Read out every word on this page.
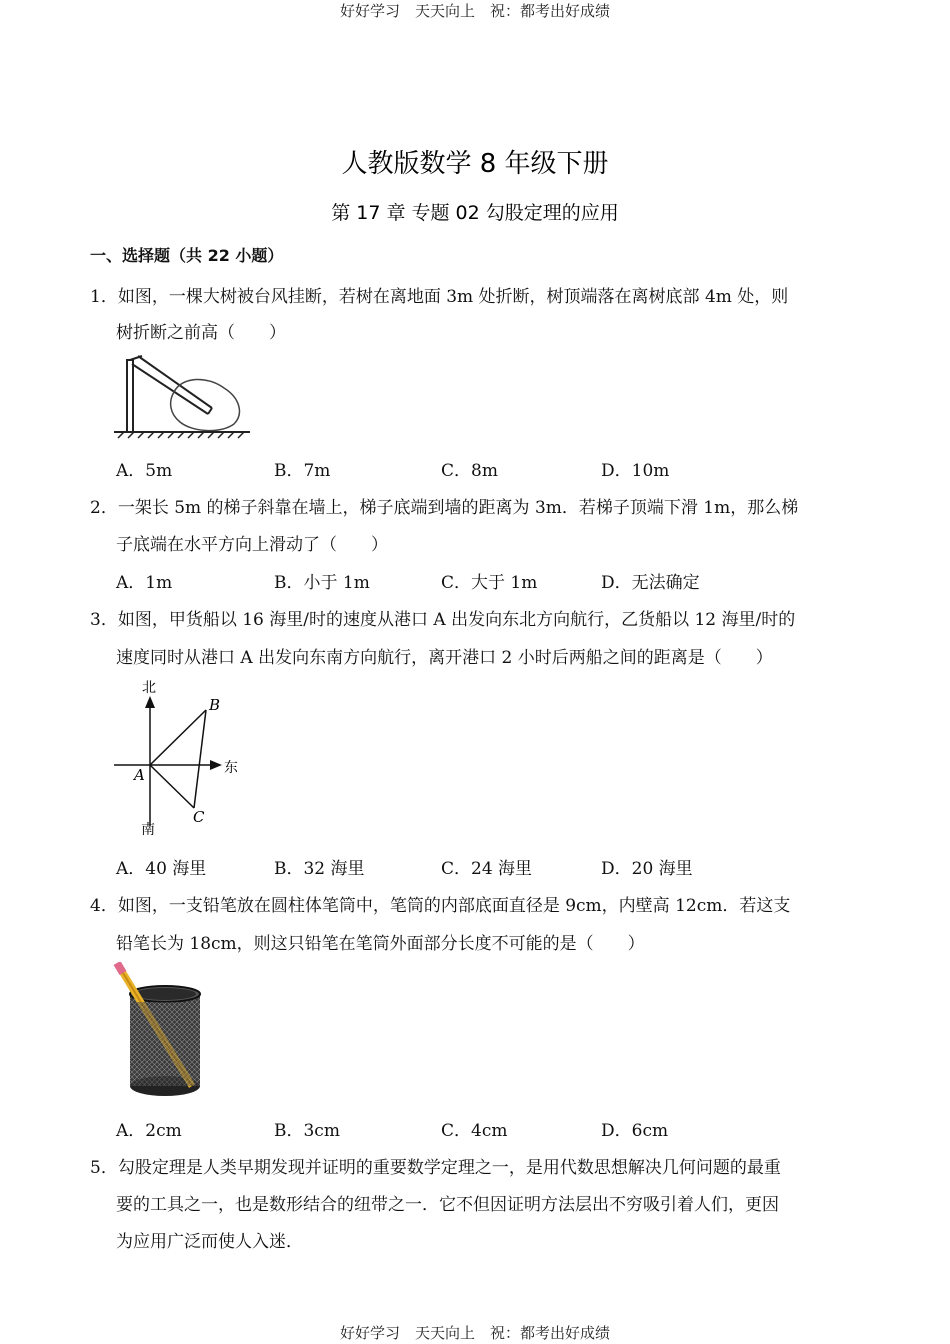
好好学习　天天向上　祝：都考出好成绩
人教版数学 8 年级下册
第 17 章 专题 02 勾股定理的应用
一、选择题（共 22 小题）
1．如图，一棵大树被台风挂断，若树在离地面 3m 处折断，树顶端落在离树底部 4m 处，则
树折断之前高（　　）
A．5m	B．7m	C．8m	D．10m
2．一架长 5m 的梯子斜靠在墙上，梯子底端到墙的距离为 3m．若梯子顶端下滑 1m，那么梯
子底端在水平方向上滑动了（　　）
A．1m	B．小于 1m	C．大于 1m	D．无法确定
3．如图，甲货船以 16 海里/时的速度从港口 A 出发向东北方向航行，乙货船以 12 海里/时的
速度同时从港口 A 出发向东南方向航行，离开港口 2 小时后两船之间的距离是（　　）
北
东
南
A
B
C
A．40 海里	B．32 海里	C．24 海里	D．20 海里
4．如图，一支铅笔放在圆柱体笔筒中，笔筒的内部底面直径是 9cm，内壁高 12cm．若这支
铅笔长为 18cm，则这只铅笔在笔筒外面部分长度不可能的是（　　）
A．2cm	B．3cm	C．4cm	D．6cm
5．勾股定理是人类早期发现并证明的重要数学定理之一，是用代数思想解决几何问题的最重
要的工具之一，也是数形结合的纽带之一．它不但因证明方法层出不穷吸引着人们，更因
为应用广泛而使人入迷．
好好学习　天天向上　祝：都考出好成绩
